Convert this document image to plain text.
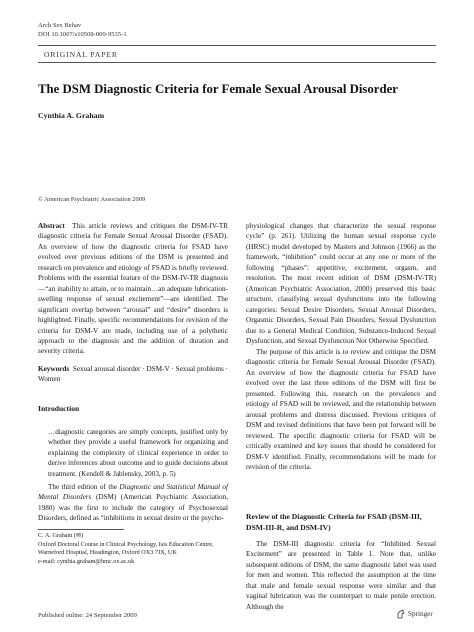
Arch Sex Behav
DOI 10.1007/s10508-009-9535-1
ORIGINAL PAPER
The DSM Diagnostic Criteria for Female Sexual Arousal Disorder
Cynthia A. Graham
© American Psychiatric Association 2009

Abstract This article reviews and critiques the DSM-IV-TR diagnostic criteria for Female Sexual Arousal Disorder (FSAD). An overview of how the diagnostic criteria for FSAD have evolved over previous editions of the DSM is presented and research on prevalence and etiology of FSAD is briefly reviewed. Problems with the essential feature of the DSM-IV-TR diagnosis—“an inability to attain, or to maintain…an adequate lubrication-swelling response of sexual excitement”—are identified. The significant overlap between “arousal” and “desire” disorders is highlighted. Finally, specific recommendations for revision of the criteria for DSM-V are made, including use of a polythetic approach to the diagnosis and the addition of duration and severity criteria.

Keywords Sexual arousal disorder · DSM-V · Sexual problems · Women

Introduction
…diagnostic categories are simply concepts, justified only by whether they provide a useful framework for organizing and explaining the complexity of clinical experience in order to derive inferences about outcome and to guide decisions about treatment. (Kendell & Jablensky, 2003, p. 5)

The third edition of the Diagnostic and Statistical Manual of Mental Disorders (DSM) (American Psychiatric Association, 1980) was the first to include the category of Psychosexual Disorders, defined as “inhibitions in sexual desire or the psycho-

C. A. Graham (✉)
Oxford Doctoral Course in Clinical Psychology, Isis Education Centre, Warneford Hospital, Headington, Oxford OX3 7JX, UK
e-mail: cynthia.graham@hmc.ox.ac.uk

physiological changes that characterize the sexual response cycle” (p. 261). Utilizing the human sexual response cycle (HRSC) model developed by Masters and Johnson (1966) as the framework, “inhibition” could occur at any one or more of the following “phases”: appetitive, excitement, orgasm, and resolution. The most recent edition of DSM (DSM-IV-TR) (American Psychiatric Association, 2000) preserved this basic structure, classifying sexual dysfunctions into the following categories: Sexual Desire Disorders, Sexual Arousal Disorders, Orgasmic Disorders, Sexual Pain Disorders, Sexual Dysfunction due to a General Medical Condition, Substance-Induced Sexual Dysfunction, and Sexual Dysfunction Not Otherwise Specified.

The purpose of this article is to review and critique the DSM diagnostic criteria for Female Sexual Arousal Disorder (FSAD). An overview of how the diagnostic criteria for FSAD have evolved over the last three editions of the DSM will first be presented. Following this, research on the prevalence and etiology of FSAD will be reviewed, and the relationship between arousal problems and distress discussed. Previous critiques of DSM and revised definitions that have been put forward will be reviewed. The specific diagnostic criteria for FSAD will be critically examined and key issues that should be considered for DSM-V identified. Finally, recommendations will be made for revision of the criteria.

Review of the Diagnostic Criteria for FSAD (DSM-III, DSM-III-R, and DSM-IV)

The DSM-III diagnostic criteria for “Inhibited Sexual Excitement” are presented in Table 1. Note that, unlike subsequent editions of DSM, the same diagnostic label was used for men and women. This reflected the assumption at the time that male and female sexual response were similar and that vaginal lubrication was the counterpart to male penile erection. Although the

Published online: 24 September 2009	Springer
